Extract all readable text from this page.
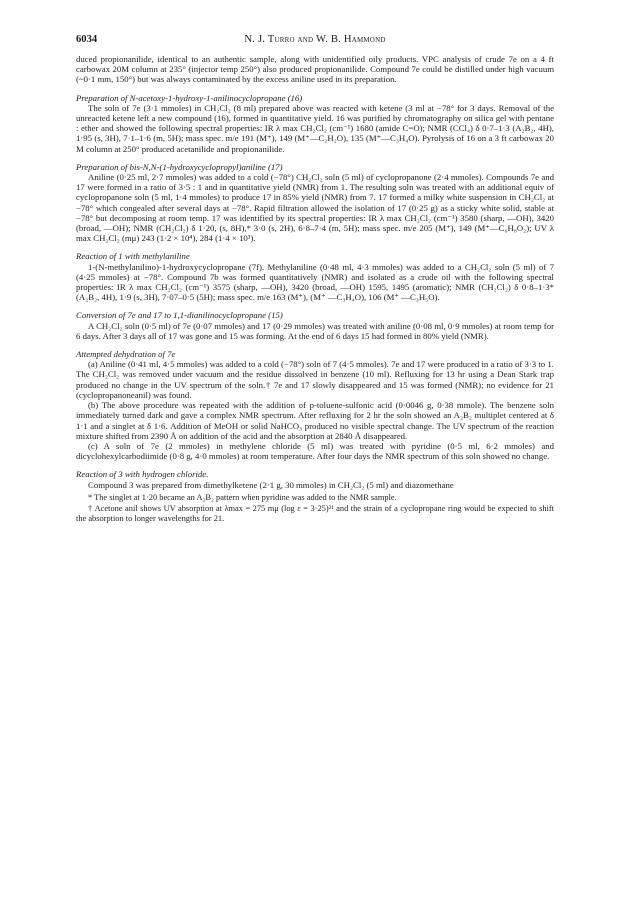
6034	N. J. Turro and W. B. Hammond

duced propionanilide, identical to an authentic sample, along with unidentified oily products. VPC analysis of crude 7e on a 4 ft carbowax 20M column at 235° (injector temp 250°) also produced propionanilide. Compound 7e could be distilled under high vacuum (~0·1 mm, 150°) but was always contaminated by the excess aniline used in its preparation.

Preparation of N-acetoxy-1-hydroxy-1-anilinocyclopropane (16)

The soln of 7e (3·1 mmoles) in CH₂Cl₂ (8 ml) prepared above was reacted with ketene (3 ml at −78° for 3 days. Removal of the unreacted ketene left a new compound (16), formed in quantitative yield. 16 was purified by chromatography on silica gel with pentane : ether and showed the following spectral properties: IR λ max CH₂Cl₂ (cm⁻¹) 1680 (amide C=O); NMR (CCl₄) δ 0·7–1·3 (A₂B₂, 4H), 1·95 (s, 3H), 7·1–1·6 (m, 5H); mass spec. m/e 191 (M⁺), 149 (M⁺—C₂H₂O), 135 (M⁺—C₃H₄O). Pyrolysis of 16 on a 3 ft carbowax 20 M column at 250° produced acetanilide and propionanilide.

Preparation of bis-N,N-(1-hydroxycyclopropyl)aniline (17)

Aniline (0·25 ml, 2·7 mmoles) was added to a cold (−78°) CH₂Cl₂ soln (5 ml) of cyclopropanone (2·4 mmoles). Compounds 7e and 17 were formed in a ratio of 3·5 : 1 and in quantitative yield (NMR) from 1. The resulting soln was treated with an additional equiv of cyclopropanone soln (5 ml, 1·4 mmoles) to produce 17 in 85% yield (NMR) from 7. 17 formed a milky white suspension in CH₂Cl₂ at −78° which congealed after several days at −78°. Rapid filtration allowed the isolation of 17 (0·25 g) as a sticky white solid, stable at −78° but decomposing at room temp. 17 was identified by its spectral properties: IR λ max CH₂Cl₂ (cm⁻¹) 3580 (sharp, —OH), 3420 (broad, —OH); NMR (CH₂Cl₂) δ 1·20, (s, 8H),* 3·0 (s, 2H), 6·8–7·4 (m, 5H); mass spec. m/e 205 (M⁺), 149 (M⁺—C₆H₈O₂); UV λ max CH₂Cl₂ (mμ) 243 (1·2 × 10⁴), 284 (1·4 × 10³).

Reaction of 1 with methylaniline

1-(N-methylanilino)-1-hydroxycyclopropane (7f). Methylaniline (0·48 ml, 4·3 mmoles) was added to a CH₂Cl₂ soln (5 ml) of 7 (4·25 mmoles) at −78°. Compound 7b was formed quantitatively (NMR) and isolated as a crude oil with the following spectral properties: IR λ max CH₂Cl₂ (cm⁻¹) 3575 (sharp, —OH), 3420 (broad, —OH) 1595, 1495 (aromatic); NMR (CH₂Cl₂) δ 0·8–1·3* (A₂B₂, 4H), 1·9 (s, 3H), 7·07–0·5 (5H); mass spec. m/e 163 (M⁺), (M⁺ —C₃H₄O), 106 (M⁺ —C₃H₅O).

Conversion of 7e and 17 to 1,1-dianilinocyclopropane (15)

A CH₂Cl₂ soln (0·5 ml) of 7e (0·07 mmoles) and 17 (0·29 mmoles) was treated with aniline (0·08 ml, 0·9 mmoles) at room temp for 6 days. After 3 days all of 17 was gone and 15 was forming. At the end of 6 days 15 had formed in 80% yield (NMR).

Attempted dehydration of 7e

(a) Aniline (0·41 ml, 4·5 mmoles) was added to a cold (−78°) soln of 7 (4·5 mmoles). 7e and 17 were produced in a ratio of 3·3 to 1. The CH₂Cl₂ was removed under vacuum and the residue dissolved in benzene (10 ml). Refluxing for 13 hr using a Dean Stark trap produced no change in the UV spectrum of the soln.† 7e and 17 slowly disappeared and 15 was formed (NMR); no evidence for 21 (cyclopropanoneanil) was found.

(b) The above procedure was repeated with the addition of p-toluene-sulfonic acid (0·0046 g, 0·38 mmole). The benzene soln immediately turned dark and gave a complex NMR spectrum. After refluxing for 2 hr the soln showed an A₂B₂ multiplet centered at δ 1·1 and a singlet at δ 1·6. Addition of MeOH or solid NaHCO₃ produced no visible spectral change. The UV spectrum of the reaction mixture shifted from 2390 Å on addition of the acid and the absorption at 2840 Å disappeared.

(c) A soln of 7e (2 mmoles) in methylene chloride (5 ml) was treated with pyridine (0·5 ml, 6·2 mmoles) and dicyclohexylcarbodiimide (0·8 g, 4·0 mmoles) at room temperature. After four days the NMR spectrum of this soln showed no change.

Reaction of 3 with hydrogen chloride.

Compound 3 was prepared from dimethylketene (2·1 g, 30 mmoles) in CH₂Cl₂ (5 ml) and diazomethane

* The singlet at 1·20 became an A₂B₂ pattern when pyridine was added to the NMR sample.

† Acetone anil shows UV absorption at λmax = 275 mμ (log ε = 3·25)²¹ and the strain of a cyclopropane ring would be expected to shift the absorption to longer wavelengths for 21.
